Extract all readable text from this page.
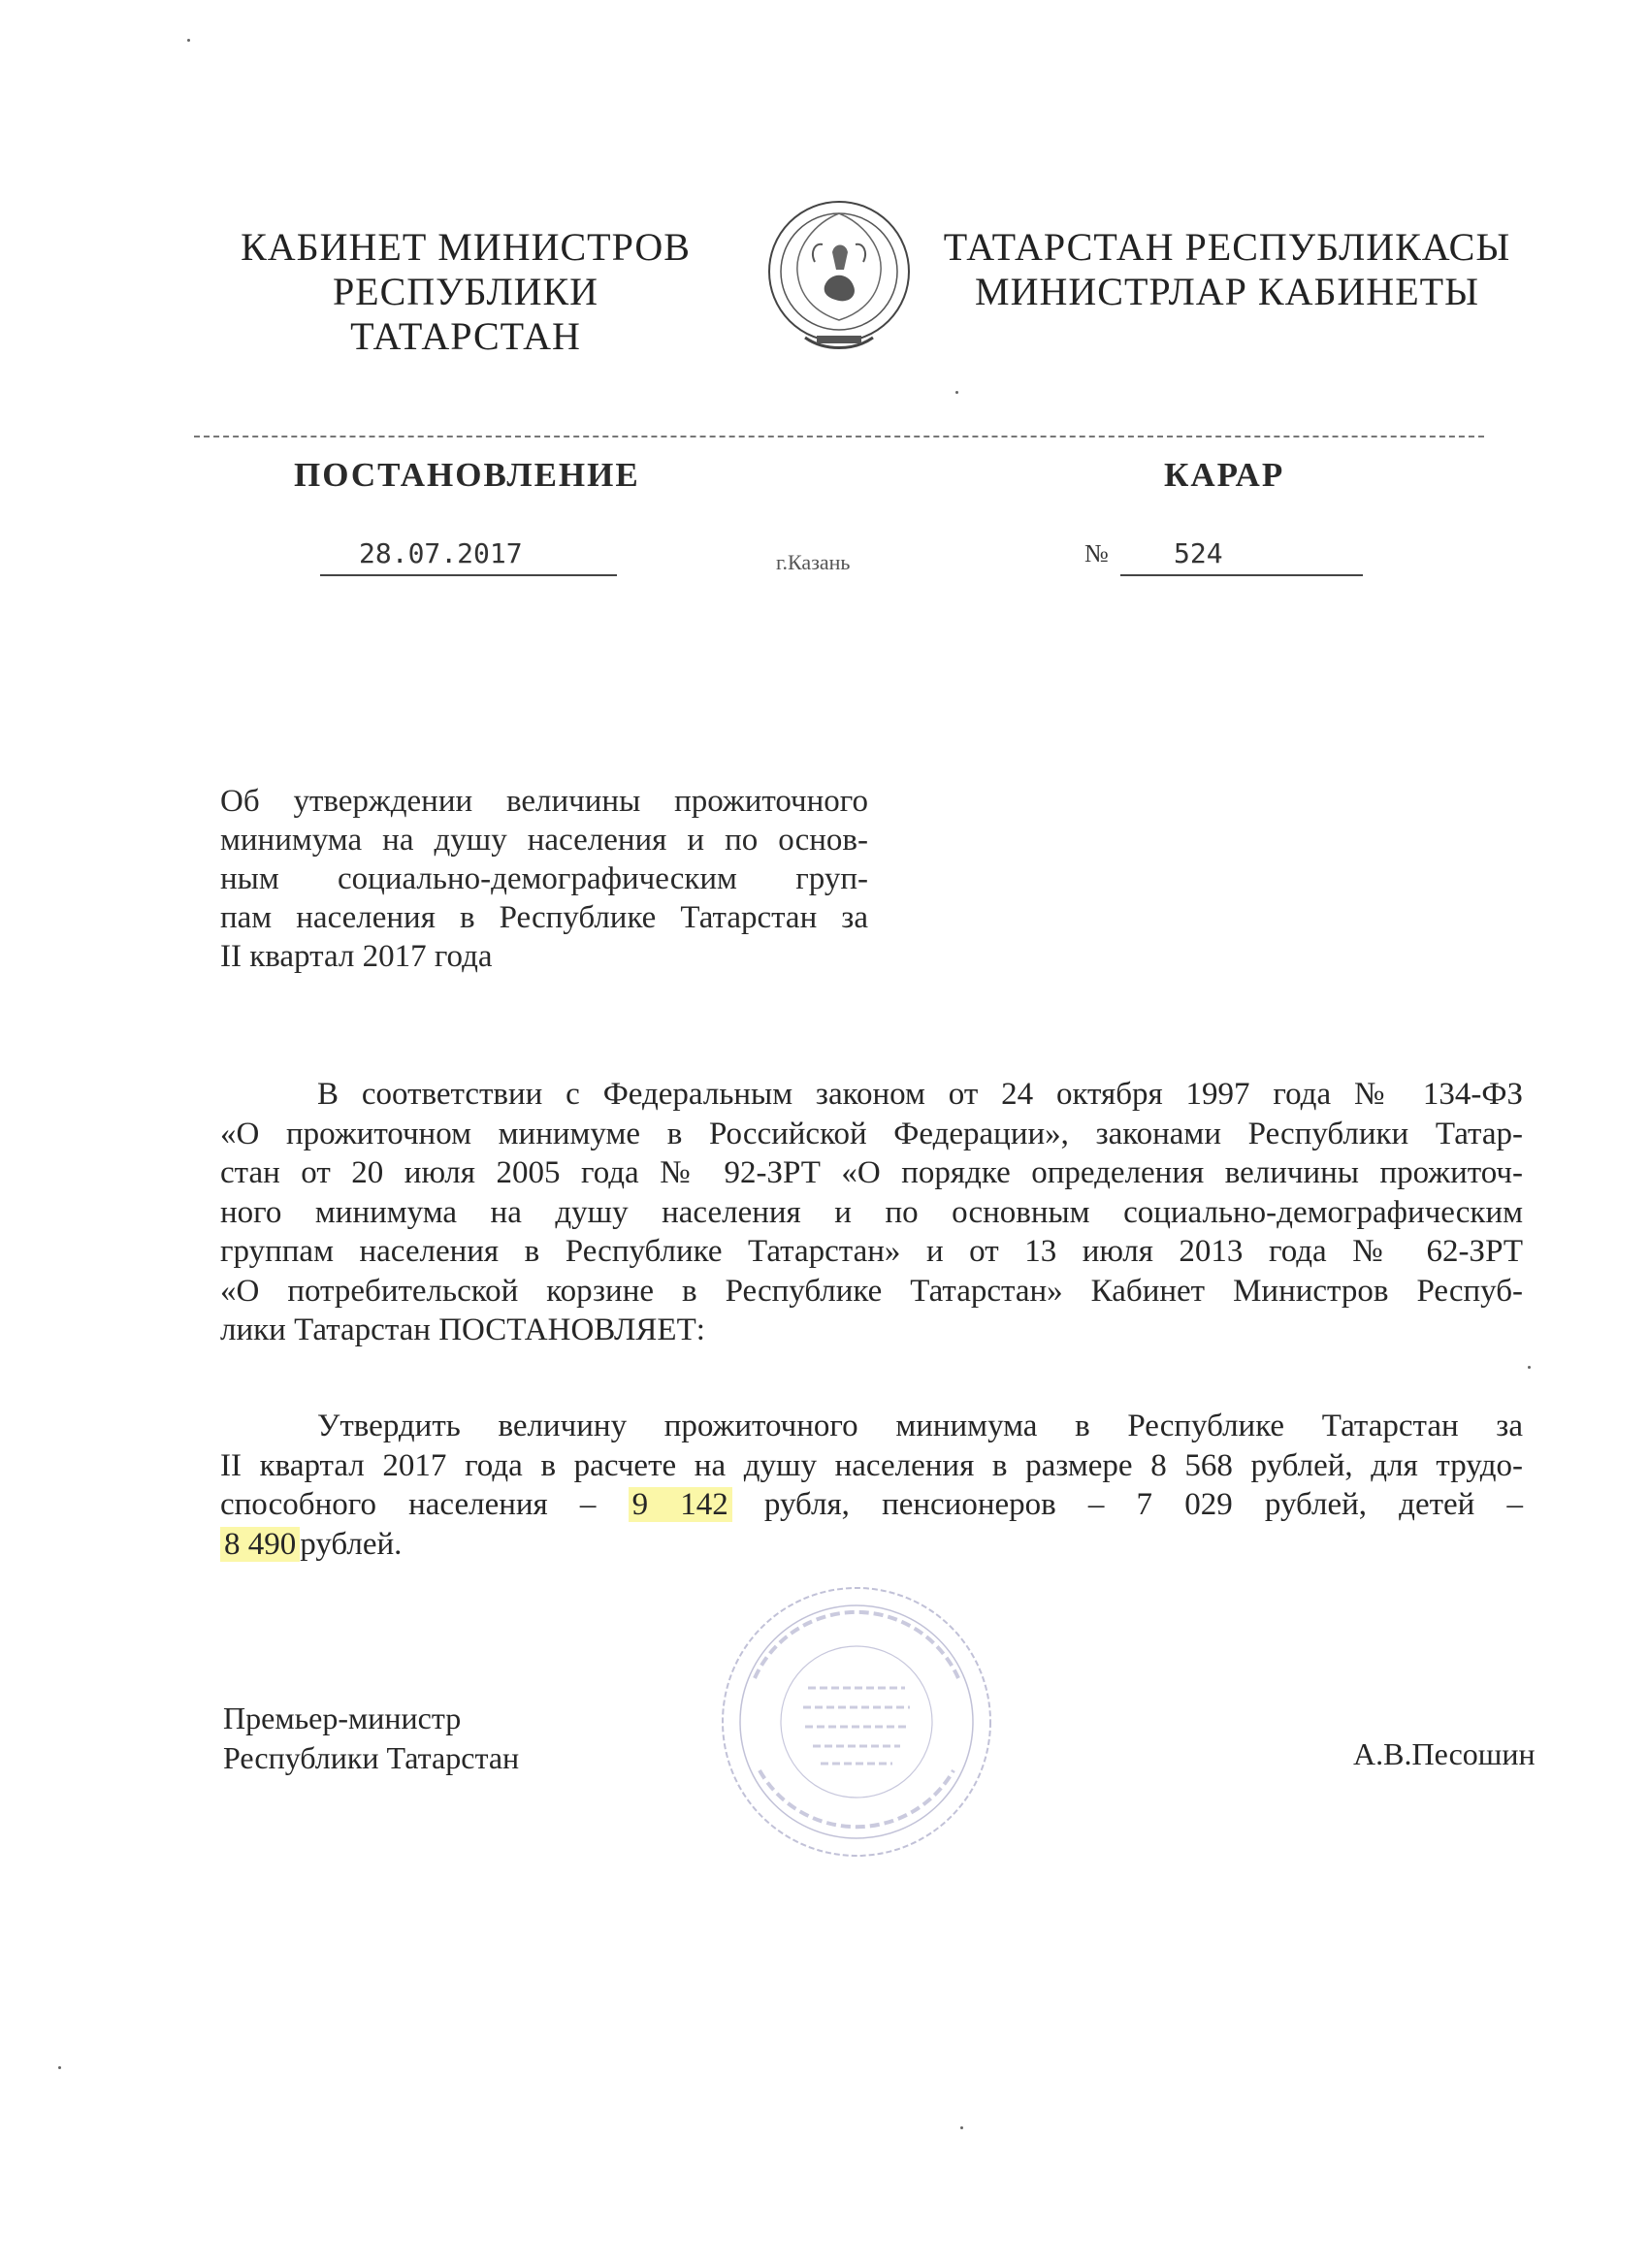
КАБИНЕТ МИНИСТРОВ
РЕСПУБЛИКИ ТАТАРСТАН
ТАТАРСТАН РЕСПУБЛИКАСЫ
МИНИСТРЛАР КАБИНЕТЫ
ПОСТАНОВЛЕНИЕ	КАРАР
28.07.2017	г.Казань	№ 524
Об утверждении величины прожиточного
минимума на душу населения и по основ-
ным социально-демографическим груп-
пам населения в Республике Татарстан за
II квартал 2017 года
В соответствии с Федеральным законом от 24 октября 1997 года № 134-ФЗ
«О прожиточном минимуме в Российской Федерации», законами Республики Татар-
стан от 20 июля 2005 года № 92-ЗРТ «О порядке определения величины прожиточ-
ного минимума на душу населения и по основным социально-демографическим
группам населения в Республике Татарстан» и от 13 июля 2013 года № 62-ЗРТ
«О потребительской корзине в Республике Татарстан» Кабинет Министров Респуб-
лики Татарстан ПОСТАНОВЛЯЕТ:
Утвердить величину прожиточного минимума в Республике Татарстан за
II квартал 2017 года в расчете на душу населения в размере 8 568 рублей, для трудо-
способного населения – 9 142 рубля, пенсионеров – 7 029 рублей, детей –
8 490 рублей.
Премьер-министр
Республики Татарстан	А.В.Песошин
